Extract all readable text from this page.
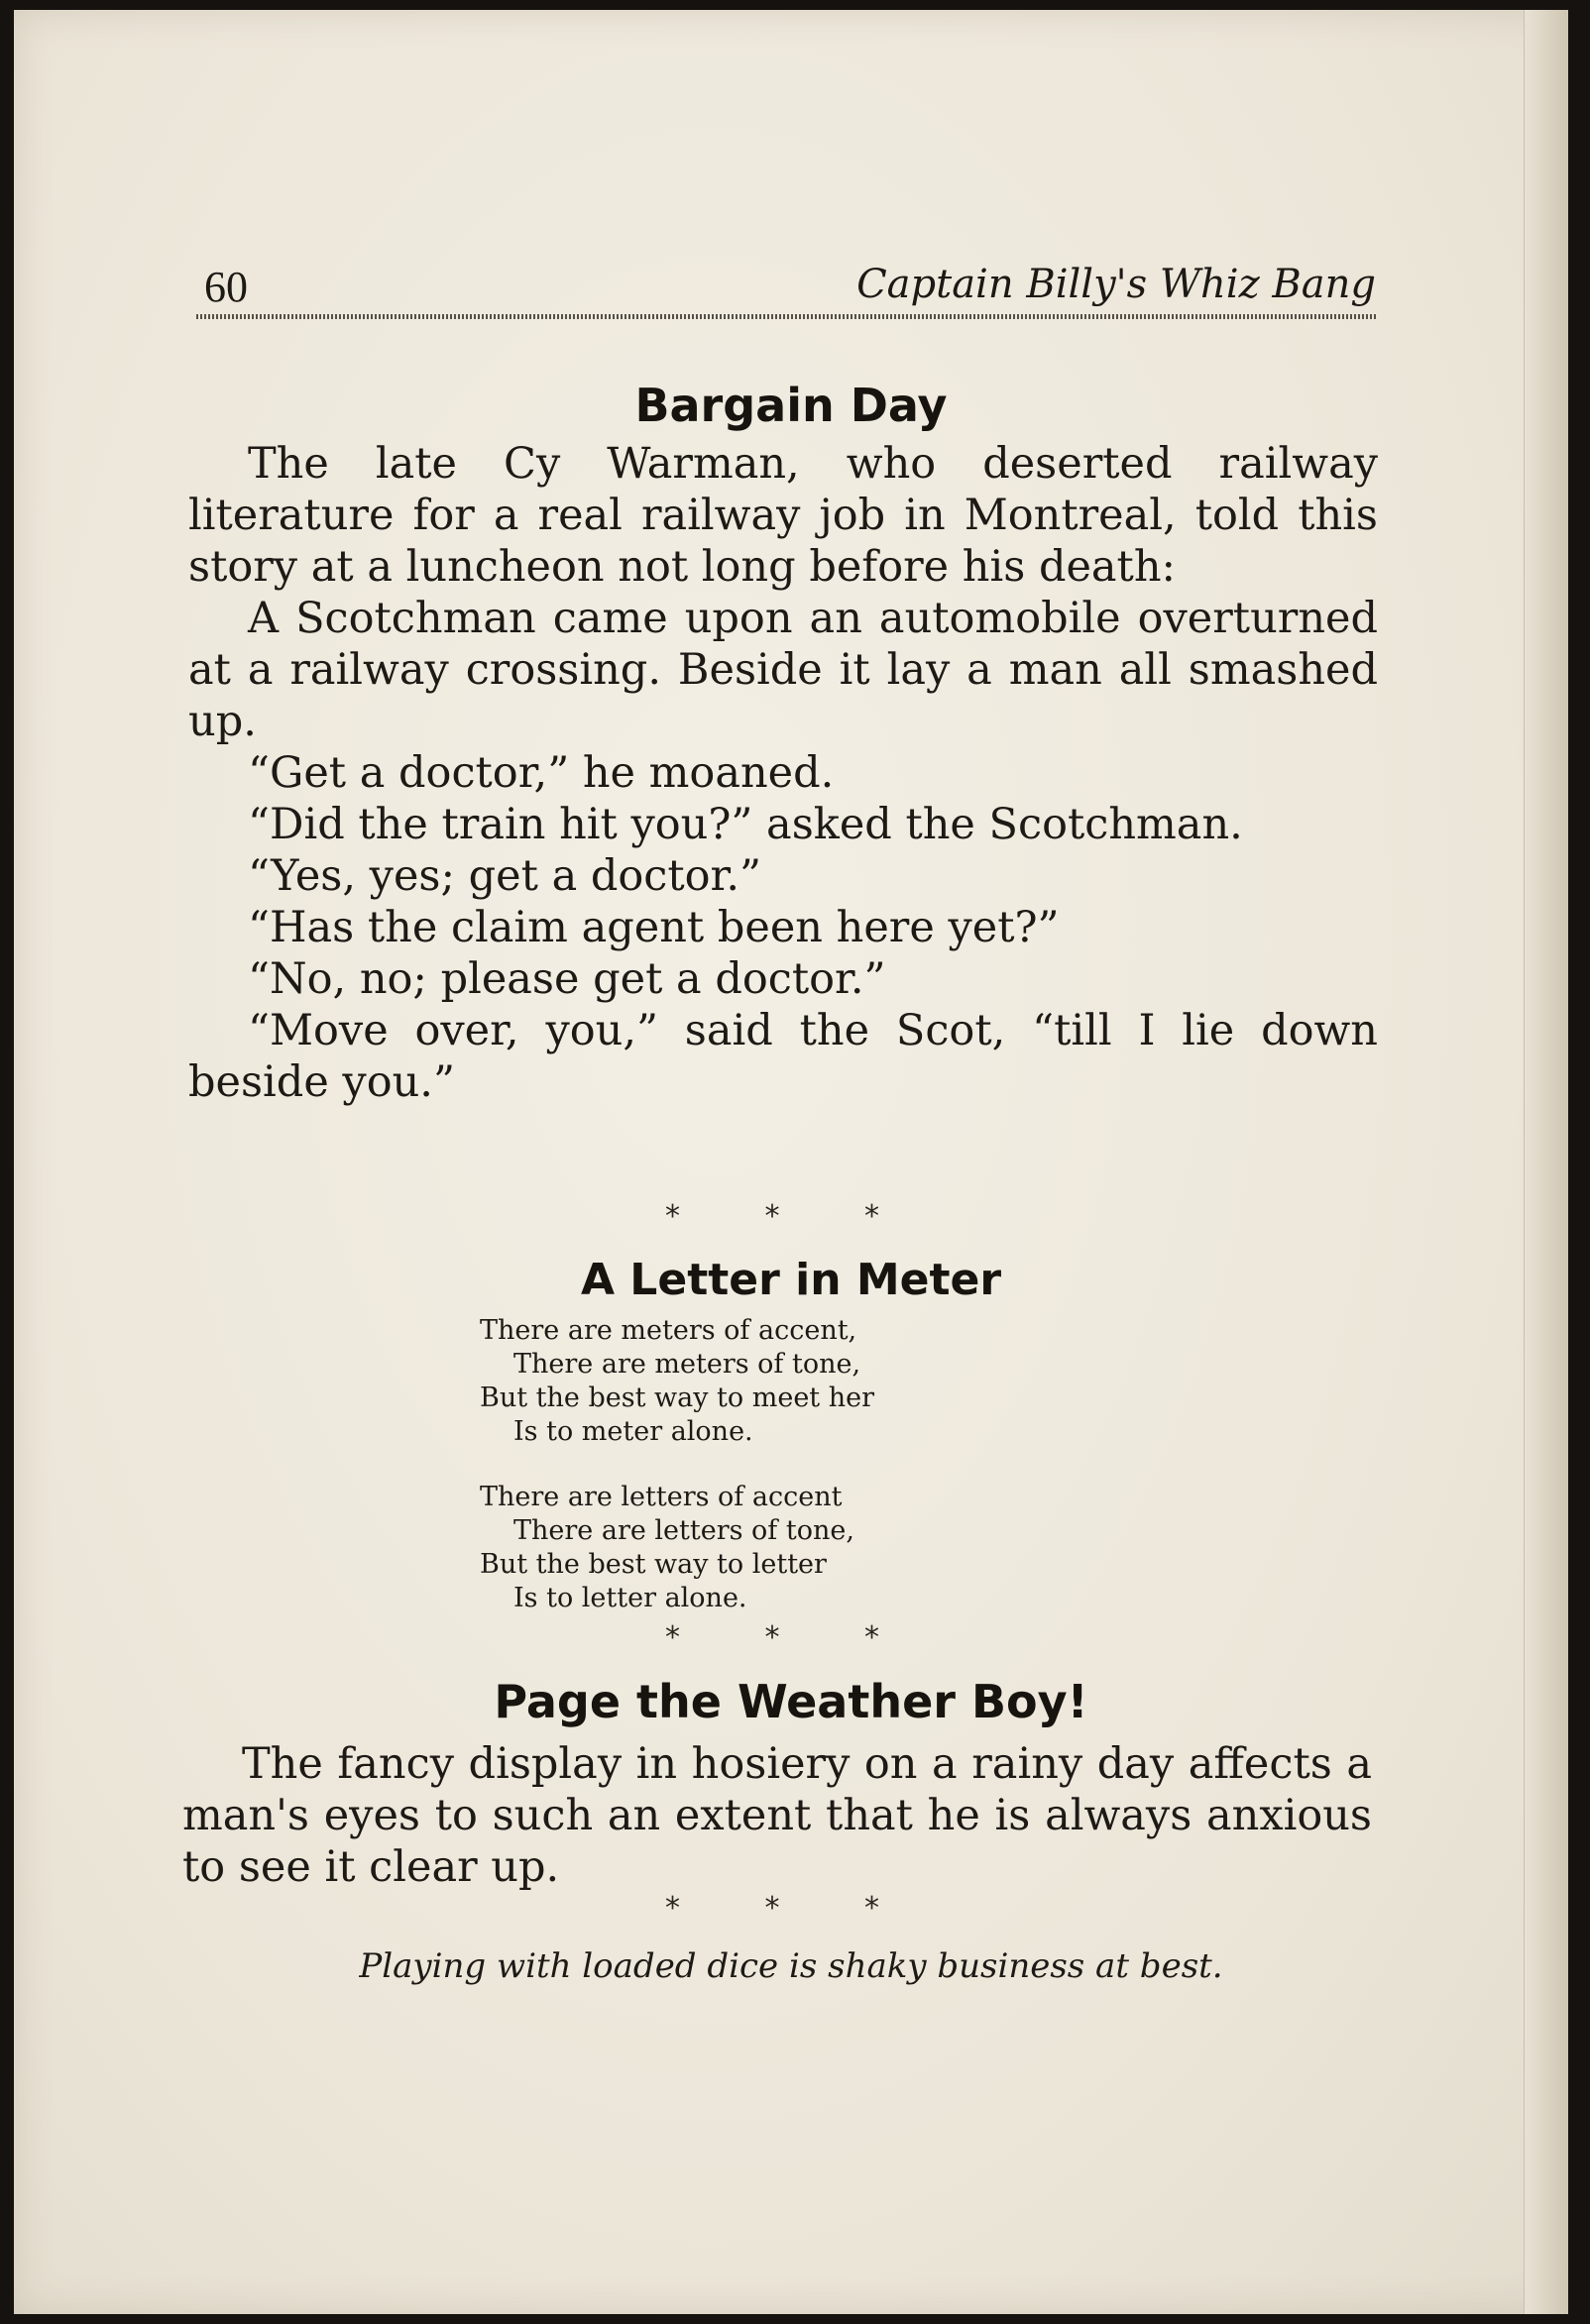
60	Captain Billy's Whiz Bang
Bargain Day

The late Cy Warman, who deserted railway literature for a real railway job in Montreal, told this story at a luncheon not long before his death:

A Scotchman came upon an automobile overturned at a railway crossing. Beside it lay a man all smashed up.

“Get a doctor,” he moaned.

“Did the train hit you?” asked the Scotchman.

“Yes, yes; get a doctor.”

“Has the claim agent been here yet?”

“No, no; please get a doctor.”

“Move over, you,” said the Scot, “till I lie down beside you.”

* * *
A Letter in Meter
There are meters of accent,
There are meters of tone,
But the best way to meet her
Is to meter alone.
There are letters of accent
There are letters of tone,
But the best way to letter
Is to letter alone.
* * *
Page the Weather Boy!

The fancy display in hosiery on a rainy day affects a man's eyes to such an extent that he is always anxious to see it clear up.

* * *
Playing with loaded dice is shaky business at best.
